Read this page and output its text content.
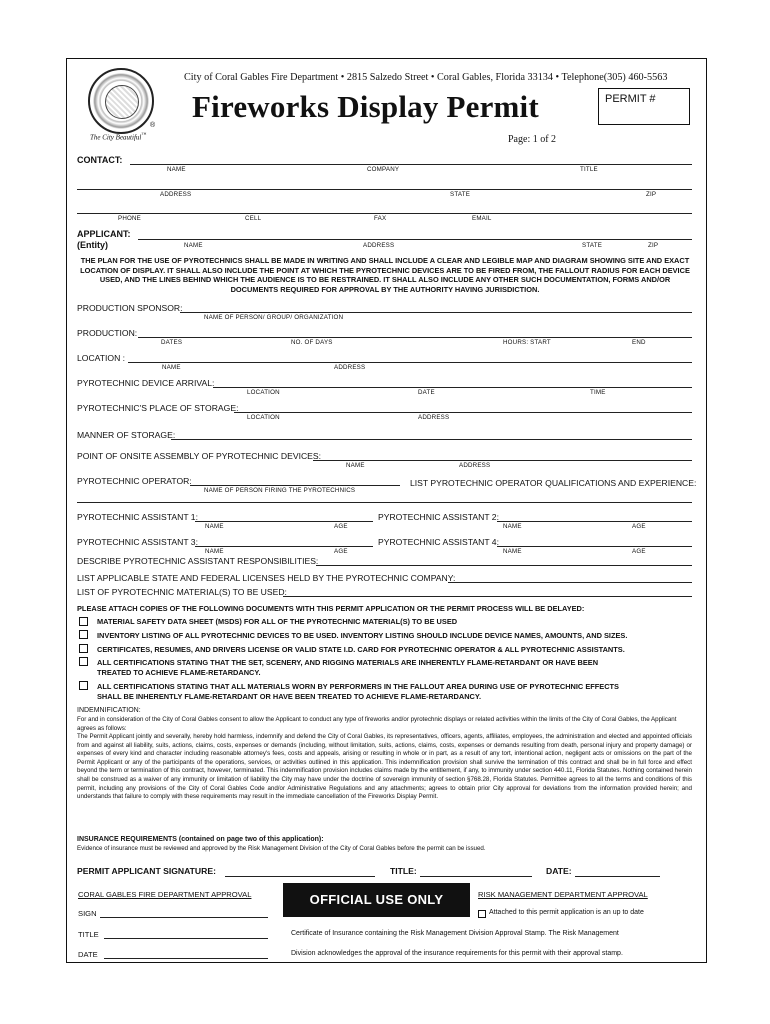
®
The City Beautiful™
City of Coral Gables Fire Department • 2815 Salzedo Street • Coral Gables, Florida 33134 • Telephone(305) 460-5563
Fireworks Display Permit	PERMIT #
Page: 1 of 2
CONTACT:
NAME	COMPANY	TITLE
ADDRESS	STATE	ZIP
PHONE	CELL	FAX	EMAIL
APPLICANT:
(Entity)	NAME	ADDRESS	STATE	ZIP
THE PLAN FOR THE USE OF PYROTECHNICS SHALL BE MADE IN WRITING AND SHALL INCLUDE A CLEAR AND LEGIBLE MAP AND DIAGRAM SHOWING SITE AND EXACT LOCATION OF DISPLAY. IT SHALL ALSO INCLUDE THE POINT AT WHICH THE PYROTECHNIC DEVICES ARE TO BE FIRED FROM, THE FALLOUT RADIUS FOR EACH DEVICE USED, AND THE LINES BEHIND WHICH THE AUDIENCE IS TO BE RESTRAINED. IT SHALL ALSO INCLUDE ANY OTHER SUCH DOCUMENTATION, FORMS AND/OR DOCUMENTS REQUIRED FOR APPROVAL BY THE AUTHORITY HAVING JURISDICTION.
PRODUCTION SPONSOR:
NAME OF PERSON/ GROUP/ ORGANIZATION
PRODUCTION:
DATES	NO. OF DAYS	HOURS: START	END
LOCATION :
NAME	ADDRESS
PYROTECHNIC DEVICE ARRIVAL:
LOCATION	DATE	TIME
PYROTECHNIC'S PLACE OF STORAGE:
LOCATION	ADDRESS
MANNER OF STORAGE:
POINT OF ONSITE ASSEMBLY OF PYROTECHNIC DEVICES:
NAME	ADDRESS
PYROTECHNIC OPERATOR:
NAME OF PERSON FIRING THE PYROTECHNICS
LIST PYROTECHNIC OPERATOR QUALIFICATIONS AND EXPERIENCE:
PYROTECHNIC ASSISTANT 1:
NAME	AGE
PYROTECHNIC ASSISTANT 2:
NAME	AGE
PYROTECHNIC ASSISTANT 3:
NAME	AGE
PYROTECHNIC ASSISTANT 4:
NAME	AGE
DESCRIBE PYROTECHNIC ASSISTANT RESPONSIBILITIES:
LIST APPLICABLE STATE AND FEDERAL LICENSES HELD BY THE PYROTECHNIC COMPANY:
LIST OF PYROTECHNIC MATERIAL(S) TO BE USED:
PLEASE ATTACH COPIES OF THE FOLLOWING DOCUMENTS WITH THIS PERMIT APPLICATION OR THE PERMIT PROCESS WILL BE DELAYED:
MATERIAL SAFETY DATA SHEET (MSDS) FOR ALL OF THE PYROTECHNIC MATERIAL(S) TO BE USED
INVENTORY LISTING OF ALL PYROTECHNIC DEVICES TO BE USED. INVENTORY LISTING SHOULD INCLUDE DEVICE NAMES, AMOUNTS, AND SIZES.
CERTIFICATES, RESUMES, AND DRIVERS LICENSE OR VALID STATE I.D. CARD FOR PYROTECHNIC OPERATOR & ALL PYROTECHNIC ASSISTANTS.
ALL CERTIFICATIONS STATING THAT THE SET, SCENERY, AND RIGGING MATERIALS ARE INHERENTLY FLAME-RETARDANT OR HAVE BEEN
TREATED TO ACHIEVE FLAME-RETARDANCY.
ALL CERTIFICATIONS STATING THAT ALL MATERIALS WORN BY PERFORMERS IN THE FALLOUT AREA DURING USE OF PYROTECHNIC EFFECTS
SHALL BE INHERENTLY FLAME-RETARDANT OR HAVE BEEN TREATED TO ACHIEVE FLAME-RETARDANCY.
INDEMNIFICATION:
For and in consideration of the City of Coral Gables consent to allow the Applicant to conduct any type of fireworks and/or pyrotechnic displays or related activities within the limits of the City of Coral Gables, the Applicant agrees as follows:
The Permit Applicant jointly and severally, hereby hold harmless, indemnify and defend the City of Coral Gables, its representatives, officers, agents, affiliates, employees, the administration and elected and appointed officials from and against all liability, suits, actions, claims, costs, expenses or demands (including, without limitation, suits, actions, claims, costs, expenses or demands resulting from death, personal injury and property damage) or expenses of every kind and character including reasonable attorney's fees, costs and appeals, arising or resulting in whole or in part, as a result of any tort, intentional action, negligent acts or omissions on the part of the Permit Applicant or any of the participants of the operations, services, or activities outlined in this application. This indemnification provision shall survive the termination of this contract and shall be in full force and effect beyond the term or termination of this contract, however, terminated. This indemnification provision includes claims made by the entitlement, if any, to immunity under section 440.11, Florida Statutes. Nothing contained herein shall be construed as a waiver of any immunity or limitation of liability the City may have under the doctrine of sovereign immunity of section §768.28, Florida Statutes. Permittee agrees to all the terms and conditions of this permit, including any provisions of the City of Coral Gables Code and/or Administrative Regulations and any attachments; agrees to obtain prior City approval for deviations from the information provided herein; and understands that failure to comply with these requirements may result in the immediate cancellation of the Fireworks Display Permit.
INSURANCE REQUIREMENTS (contained on page two of this application):
Evidence of insurance must be reviewed and approved by the Risk Management Division of the City of Coral Gables before the permit can be issued.
PERMIT APPLICANT SIGNATURE:	TITLE:	DATE:
CORAL GABLES FIRE DEPARTMENT APPROVAL
SIGN
TITLE
DATE
OFFICIAL USE ONLY	RISK MANAGEMENT DEPARTMENT APPROVAL
Attached to this permit application is an up to date
Certificate of Insurance containing the Risk Management Division Approval Stamp. The Risk Management
Division acknowledges the approval of the insurance requirements for this permit with their approval stamp.
